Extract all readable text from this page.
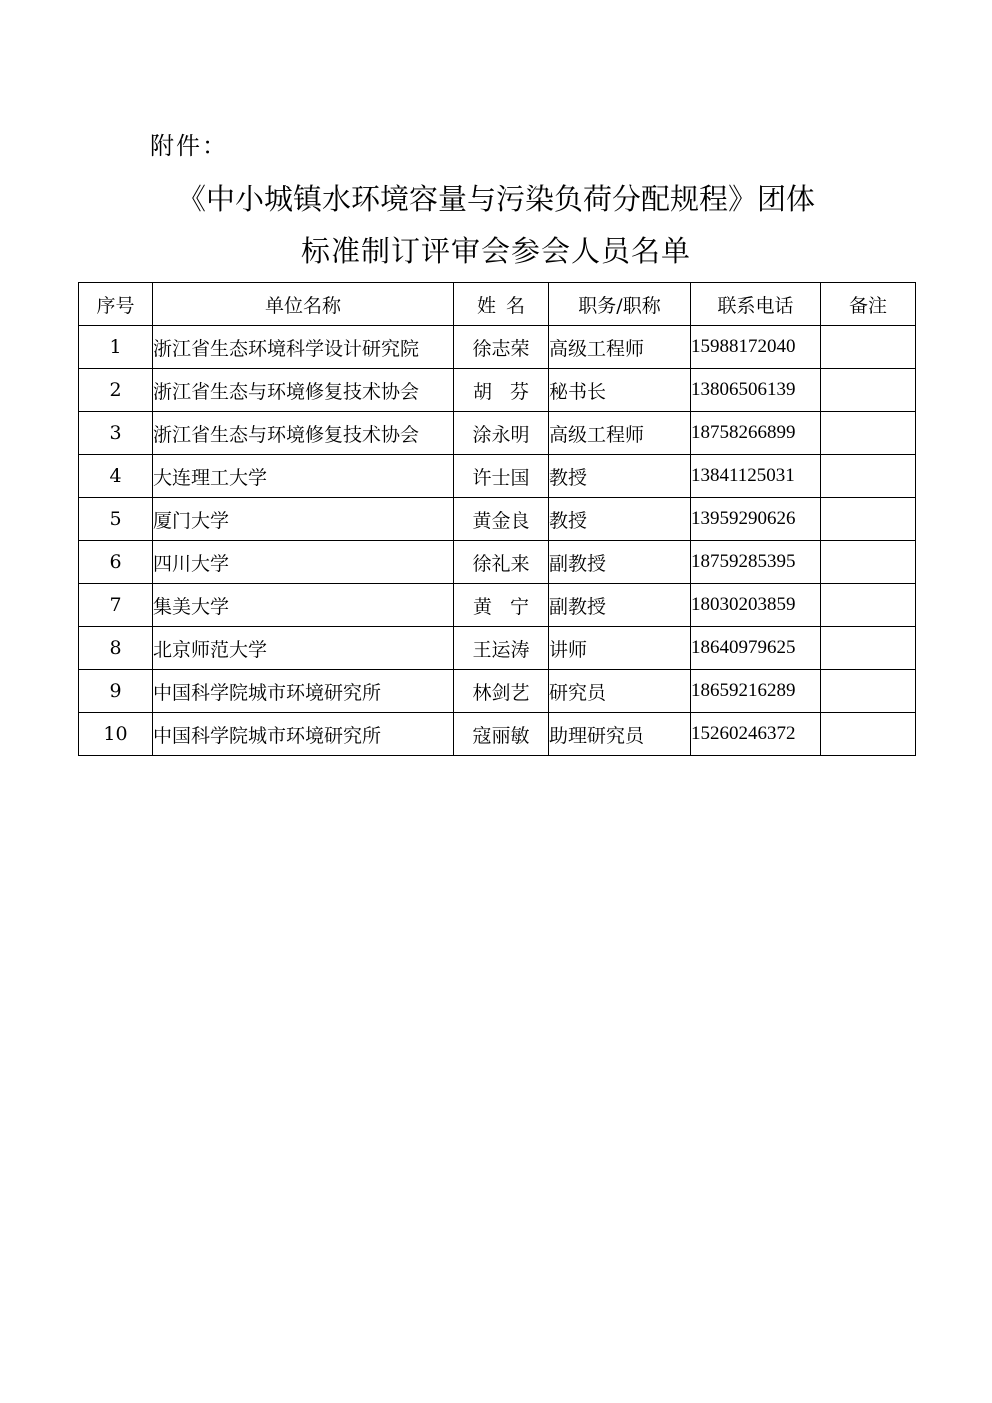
附件：
《中小城镇水环境容量与污染负荷分配规程》团体
标准制订评审会参会人员名单
序号	单位名称	姓名	职务/职称	联系电话	备注
1	浙江省生态环境科学设计研究院	徐志荣	高级工程师	15988172040	
2	浙江省生态与环境修复技术协会	胡芬	秘书长	13806506139	
3	浙江省生态与环境修复技术协会	涂永明	高级工程师	18758266899	
4	大连理工大学	许士国	教授	13841125031	
5	厦门大学	黄金良	教授	13959290626	
6	四川大学	徐礼来	副教授	18759285395	
7	集美大学	黄宁	副教授	18030203859	
8	北京师范大学	王运涛	讲师	18640979625	
9	中国科学院城市环境研究所	林剑艺	研究员	18659216289	
10	中国科学院城市环境研究所	寇丽敏	助理研究员	15260246372	
